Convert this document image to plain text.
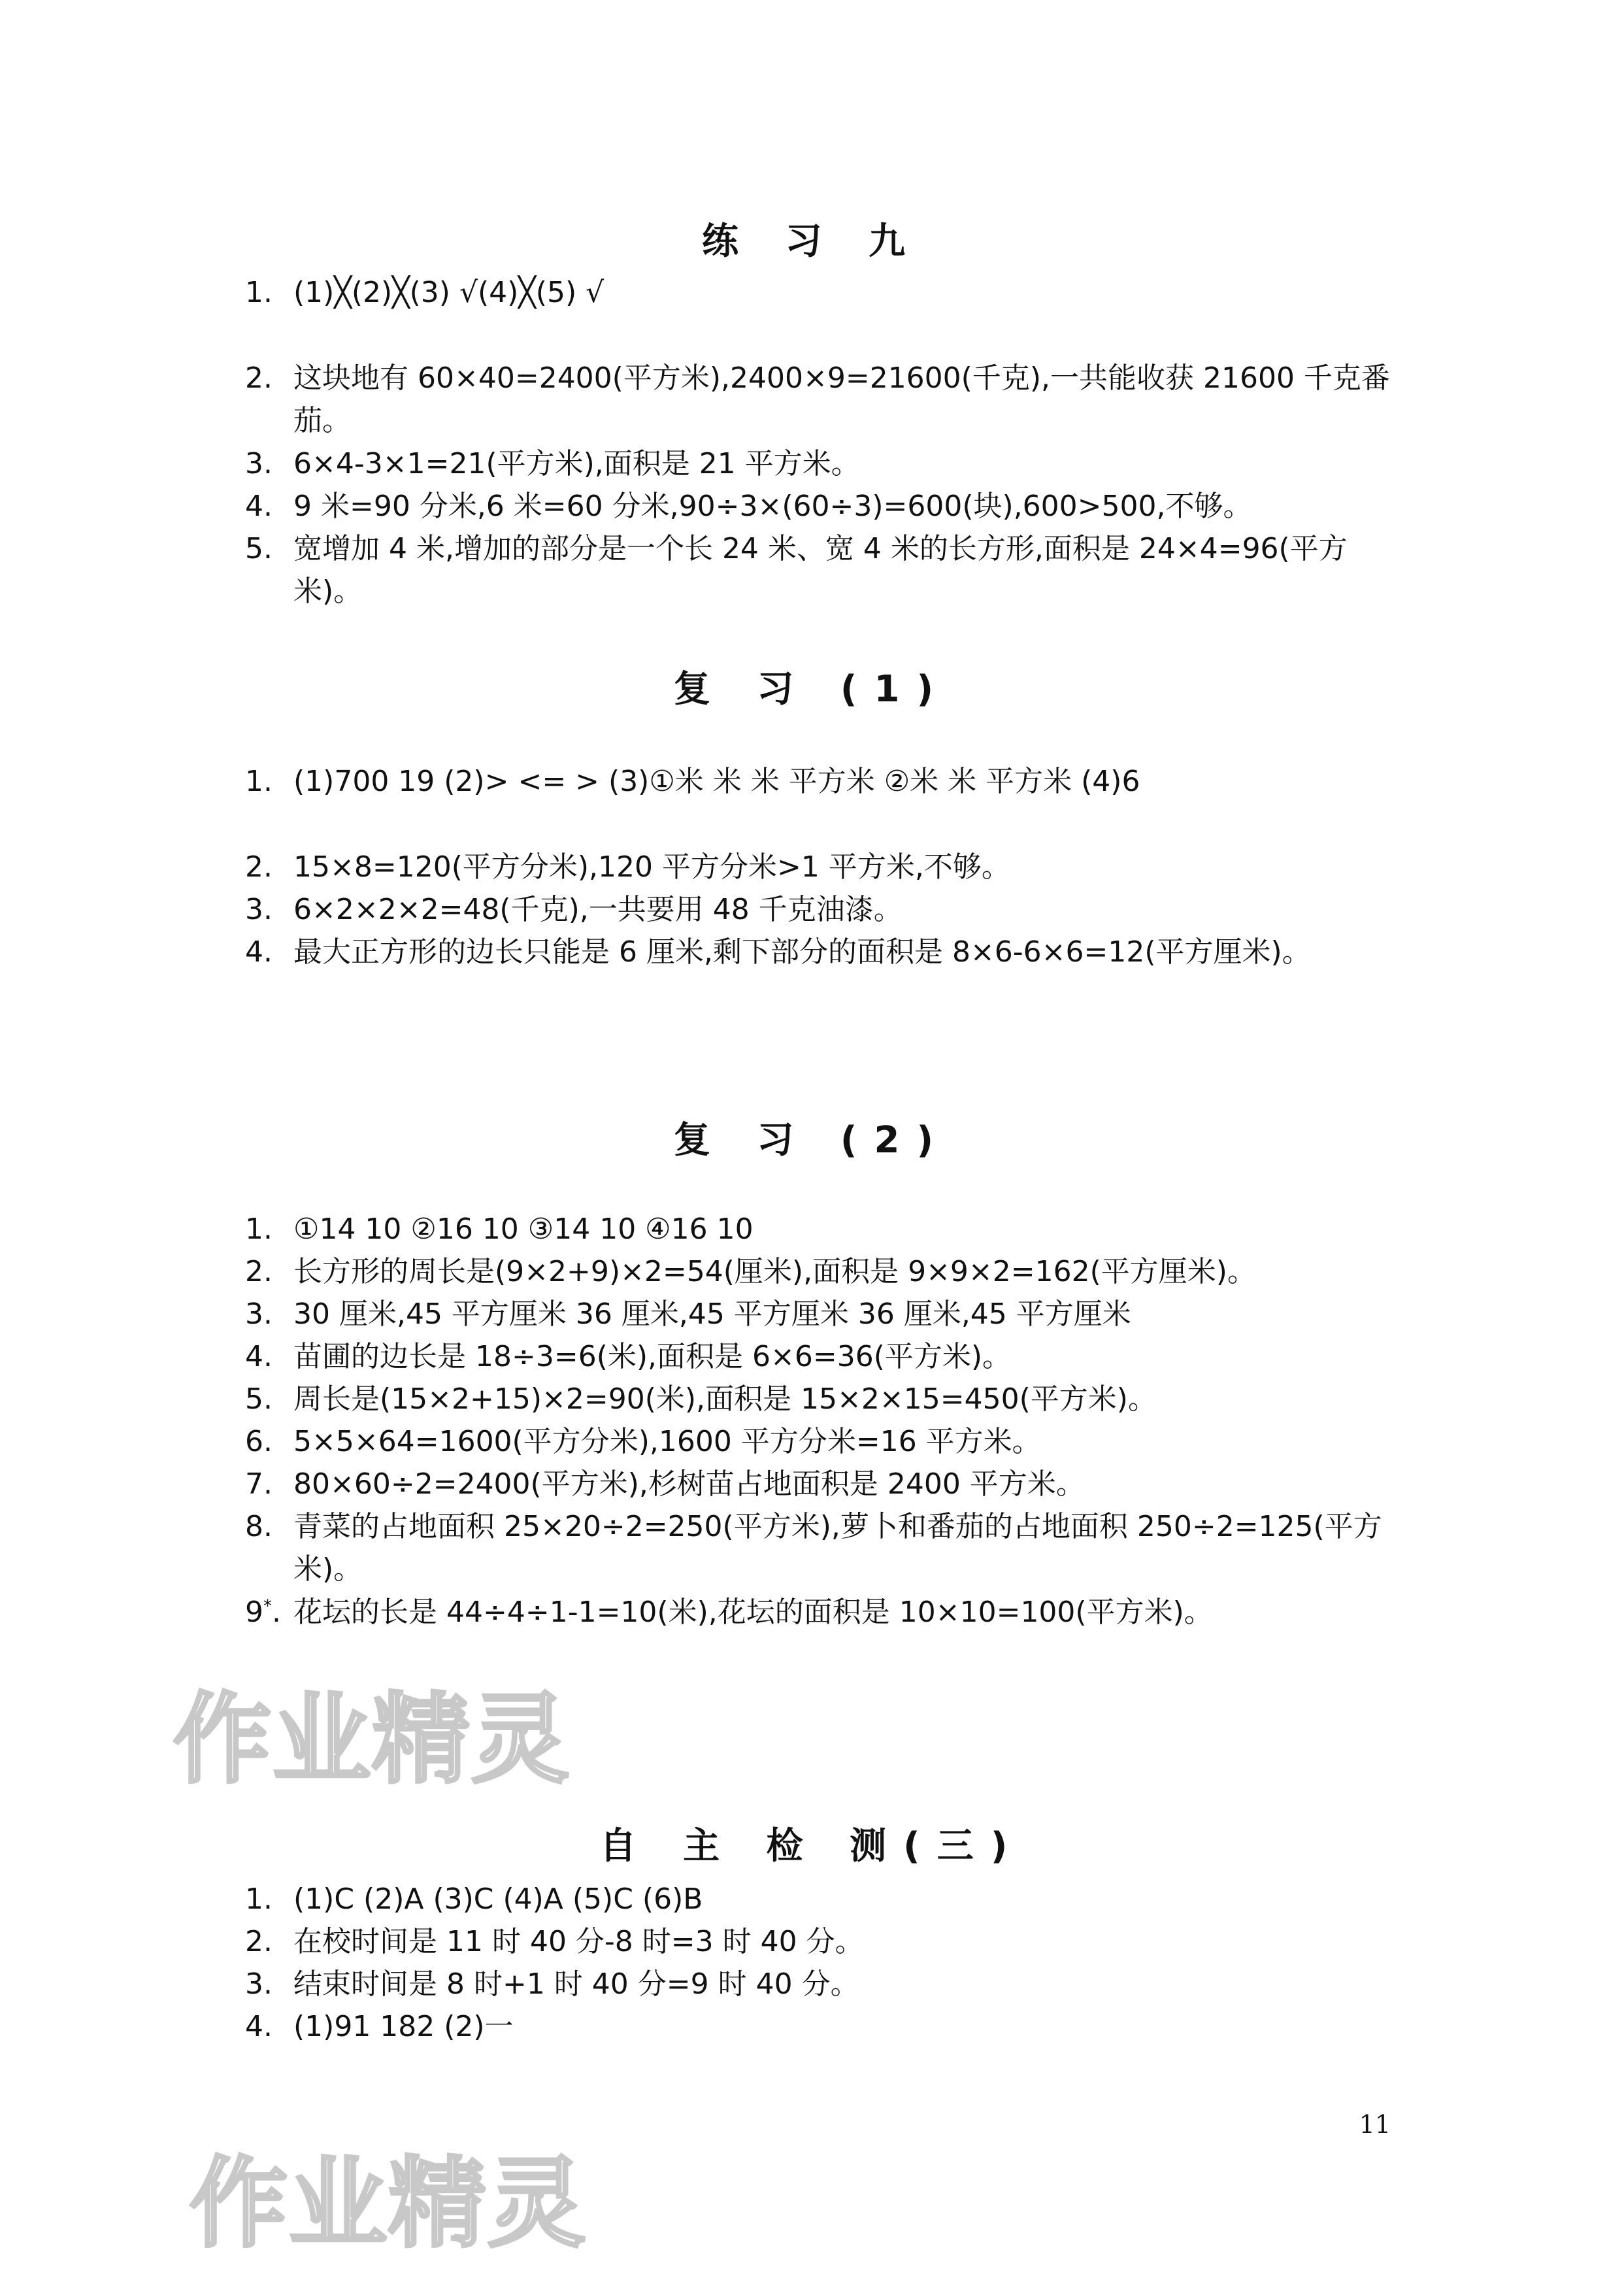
练 习 九
1. (1)╳(2)╳(3) √(4)╳(5) √
2. 这块地有 60×40=2400(平方米),2400×9=21600(千克),一共能收获 21600 千克番茄。
3. 6×4-3×1=21(平方米),面积是 21 平方米。
4. 9 米=90 分米,6 米=60 分米,90÷3×(60÷3)=600(块),600>500,不够。
5. 宽增加 4 米,增加的部分是一个长 24 米、宽 4 米的长方形,面积是 24×4=96(平方米)。
复 习 (1)
1. (1)700 19 (2)> <= > (3)①米 米 米 平方米 ②米 米 平方米 (4)6
2. 15×8=120(平方分米),120 平方分米>1 平方米,不够。
3. 6×2×2×2=48(千克),一共要用 48 千克油漆。
4. 最大正方形的边长只能是 6 厘米,剩下部分的面积是 8×6-6×6=12(平方厘米)。
复 习 (2)
1. ①14 10 ②16 10 ③14 10 ④16 10
2. 长方形的周长是(9×2+9)×2=54(厘米),面积是 9×9×2=162(平方厘米)。
3. 30 厘米,45 平方厘米 36 厘米,45 平方厘米 36 厘米,45 平方厘米
4. 苗圃的边长是 18÷3=6(米),面积是 6×6=36(平方米)。
5. 周长是(15×2+15)×2=90(米),面积是 15×2×15=450(平方米)。
6. 5×5×64=1600(平方分米),1600 平方分米=16 平方米。
7. 80×60÷2=2400(平方米),杉树苗占地面积是 2400 平方米。
8. 青菜的占地面积 25×20÷2=250(平方米),萝卜和番茄的占地面积 250÷2=125(平方米)。
9*. 花坛的长是 44÷4÷1-1=10(米),花坛的面积是 10×10=100(平方米)。
作业精灵
自 主 检 测(三)
1. (1)C (2)A (3)C (4)A (5)C (6)B
2. 在校时间是 11 时 40 分-8 时=3 时 40 分。
3. 结束时间是 8 时+1 时 40 分=9 时 40 分。
4. (1)91 182 (2)一
11
作业精灵
